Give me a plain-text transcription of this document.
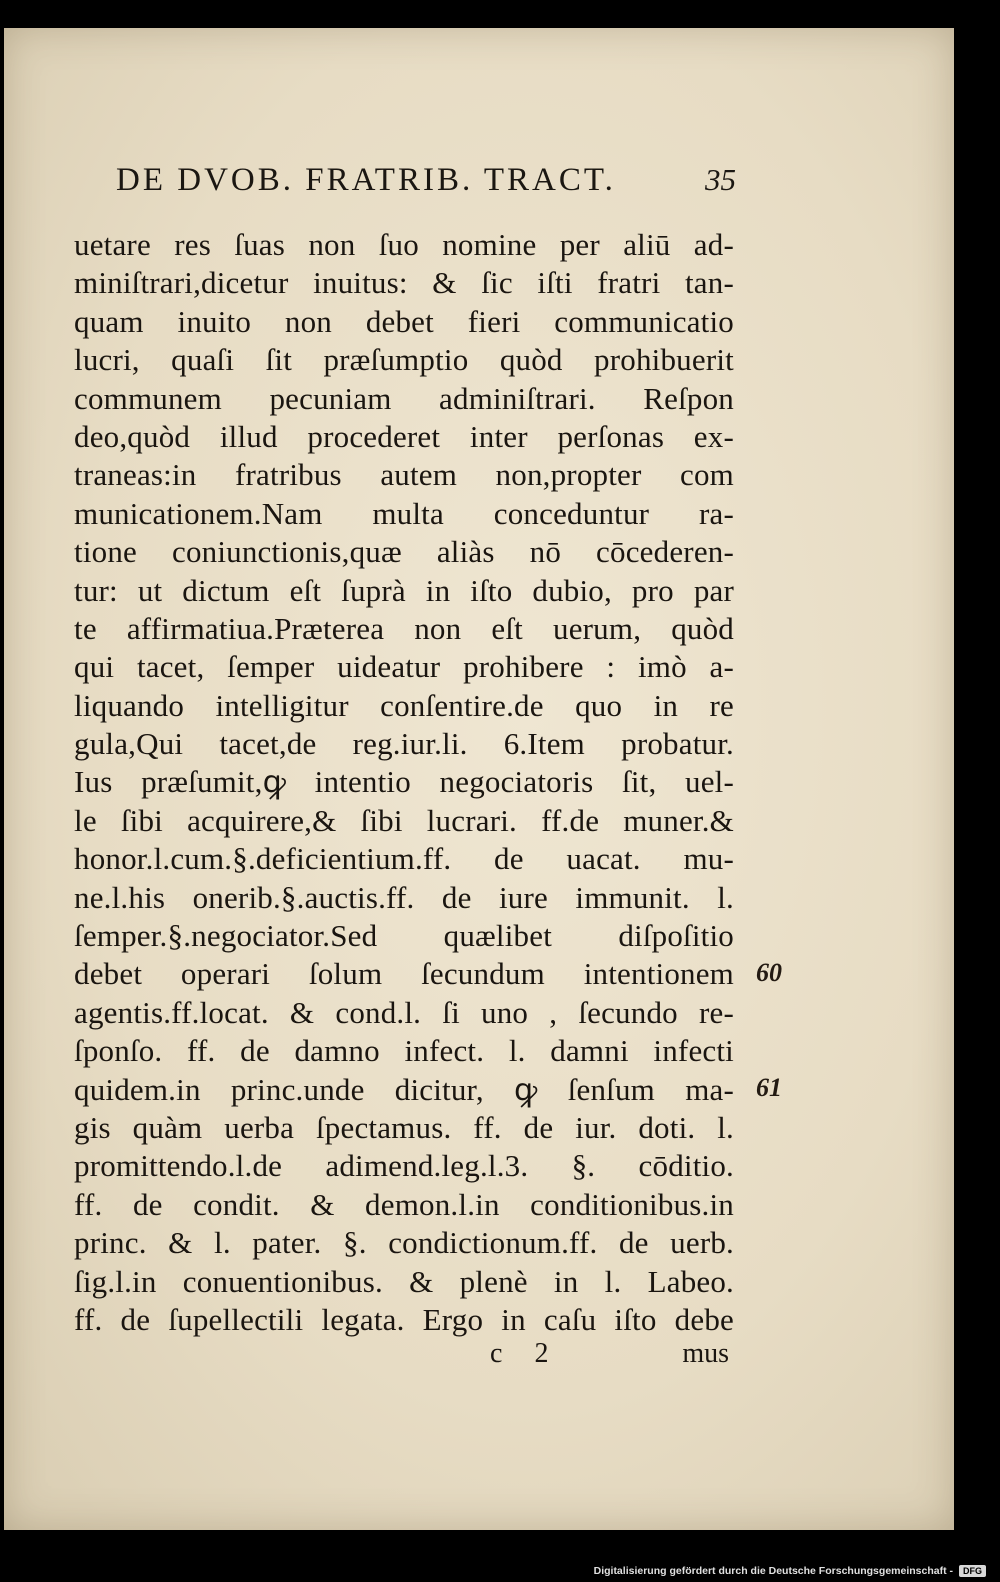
DE DVOB. FRATRIB. TRACT.	35
uetare res ſuas non ſuo nomine per aliū ad-
miniſtrari,dicetur inuitus: & ſic iſti fratri tan-
quam inuito non debet fieri communicatio
lucri, quaſi ſit præſumptio quòd prohibuerit
communem pecuniam adminiſtrari. Reſpon
deo,quòd illud procederet inter perſonas ex-
traneas:in fratribus autem non,propter com
municationem.Nam multa conceduntur ra-
tione coniunctionis,quæ aliàs nō cōcederen-
tur: ut dictum eſt ſuprà in iſto dubio, pro par
te affirmatiua.Præterea non eſt uerum, quòd
qui tacet, ſemper uideatur prohibere : imò a-
liquando intelligitur conſentire.de quo in re
gula,Qui tacet,de reg.iur.li. 6.Item probatur.
Ius præſumit,ꝙ intentio negociatoris ſit, uel-
le ſibi acquirere,& ſibi lucrari. ff.de muner.&
honor.l.cum.§.deficientium.ff. de uacat. mu-
ne.l.his onerib.§.auctis.ff. de iure immunit. l.
ſemper.§.negociator.Sed quælibet diſpoſitio
debet operari ſolum ſecundum intentionem
agentis.ff.locat. & cond.l. ſi uno , ſecundo re-
ſponſo. ff. de damno infect. l. damni infecti
quidem.in princ.unde dicitur, ꝙ ſenſum ma-
gis quàm uerba ſpectamus. ff. de iur. doti. l.
promittendo.l.de adimend.leg.l.3. §. cōditio.
ff. de condit. & demon.l.in conditionibus.in
princ. & l. pater. §. condictionum.ff. de uerb.
ſig.l.in conuentionibus. & plenè in l. Labeo.
ff. de ſupellectili legata. Ergo in caſu iſto debe
60
61
c 2	mus
Digitalisierung gefördert durch die Deutsche Forschungsgemeinschaft -	DFG
